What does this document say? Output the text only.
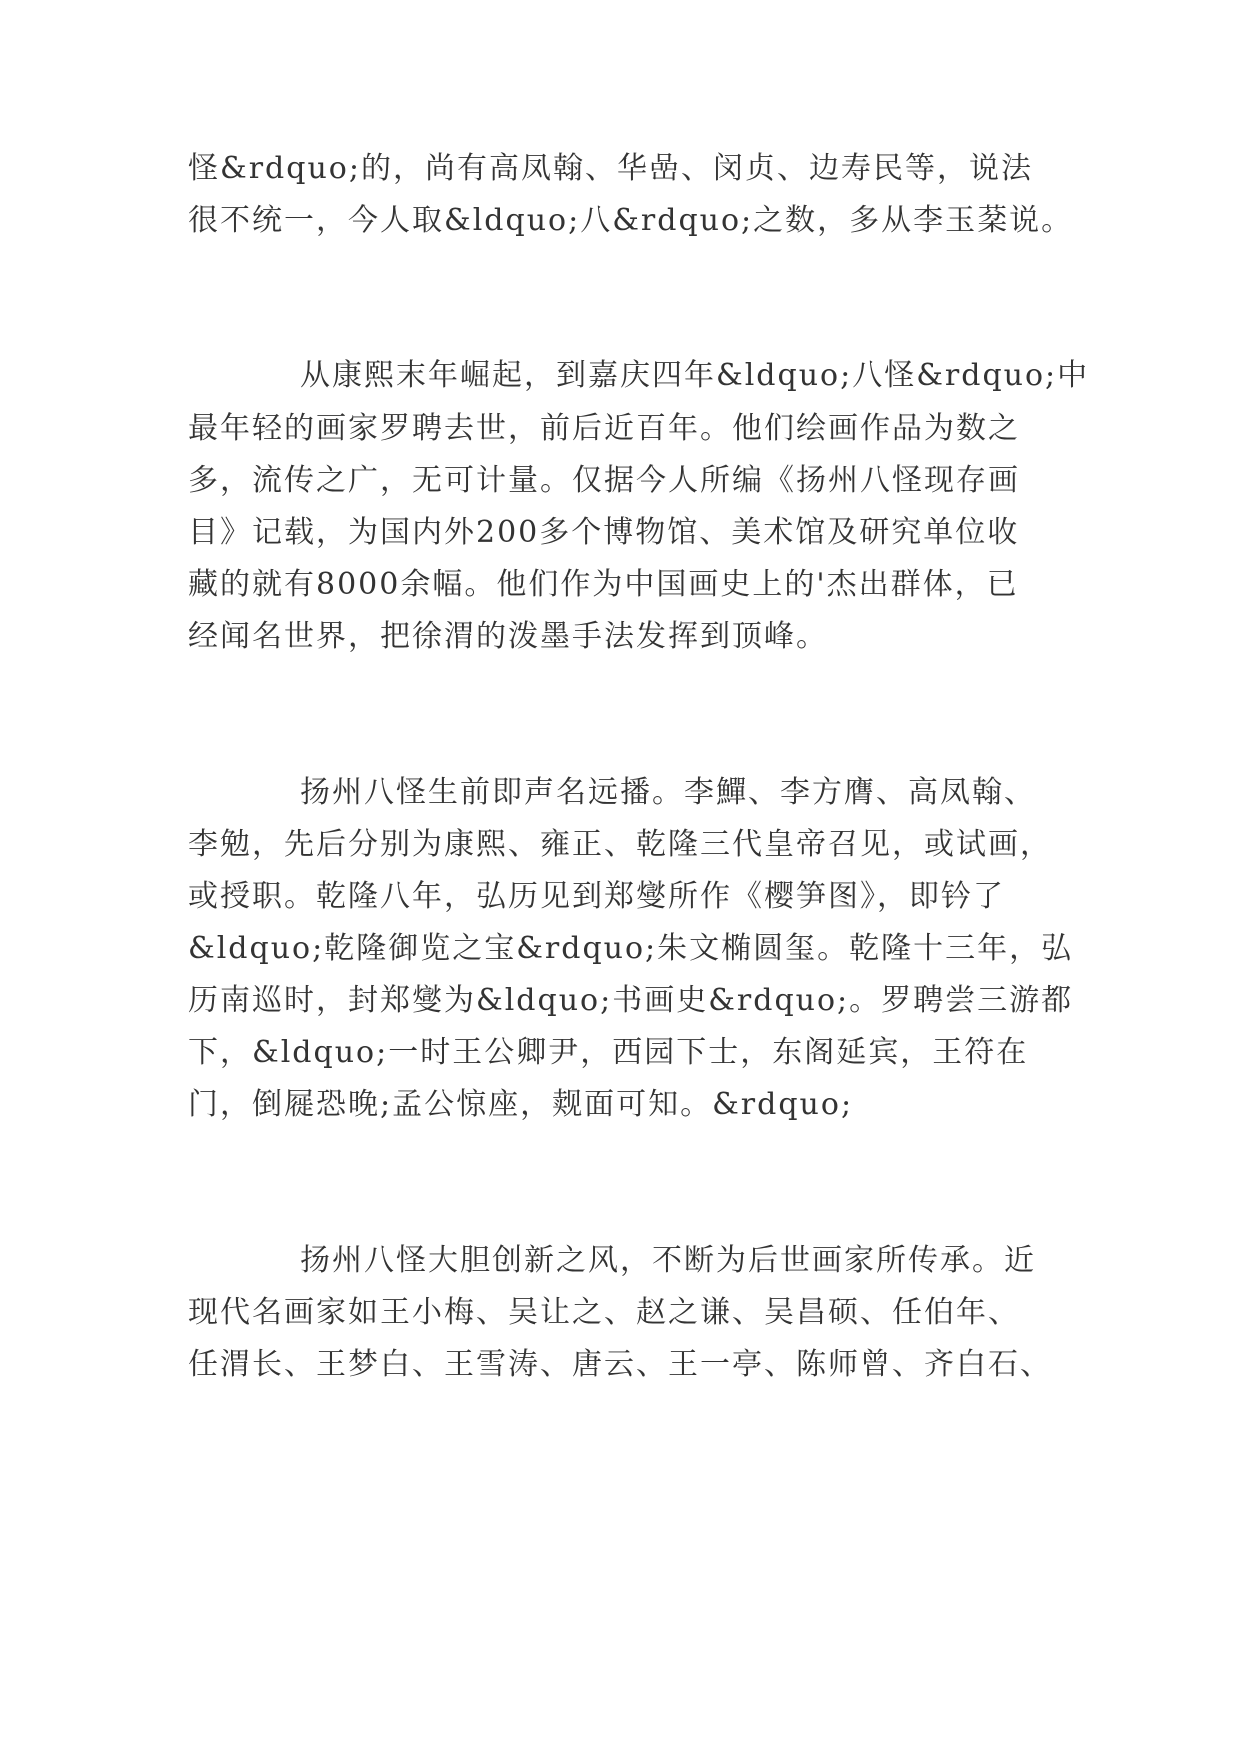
怪&rdquo;的，尚有高凤翰、华嵒、闵贞、边寿民等，说法
很不统一，今人取&ldquo;八&rdquo;之数，多从李玉棻说。
从康熙末年崛起，到嘉庆四年&ldquo;八怪&rdquo;中
最年轻的画家罗聘去世，前后近百年。他们绘画作品为数之
多，流传之广，无可计量。仅据今人所编《扬州八怪现存画
目》记载，为国内外200多个博物馆、美术馆及研究单位收
藏的就有8000余幅。他们作为中国画史上的'杰出群体，已
经闻名世界，把徐渭的泼墨手法发挥到顶峰。
扬州八怪生前即声名远播。李鱓、李方膺、高凤翰、
李勉，先后分别为康熙、雍正、乾隆三代皇帝召见，或试画，
或授职。乾隆八年，弘历见到郑燮所作《樱笋图》，即钤了
&ldquo;乾隆御览之宝&rdquo;朱文椭圆玺。乾隆十三年，弘
历南巡时，封郑燮为&ldquo;书画史&rdquo;。罗聘尝三游都
下，&ldquo;一时王公卿尹，西园下士，东阁延宾，王符在
门，倒屣恐晚;孟公惊座，觌面可知。&rdquo;
扬州八怪大胆创新之风，不断为后世画家所传承。近
现代名画家如王小梅、吴让之、赵之谦、吴昌硕、任伯年、
任渭长、王梦白、王雪涛、唐云、王一亭、陈师曾、齐白石、
